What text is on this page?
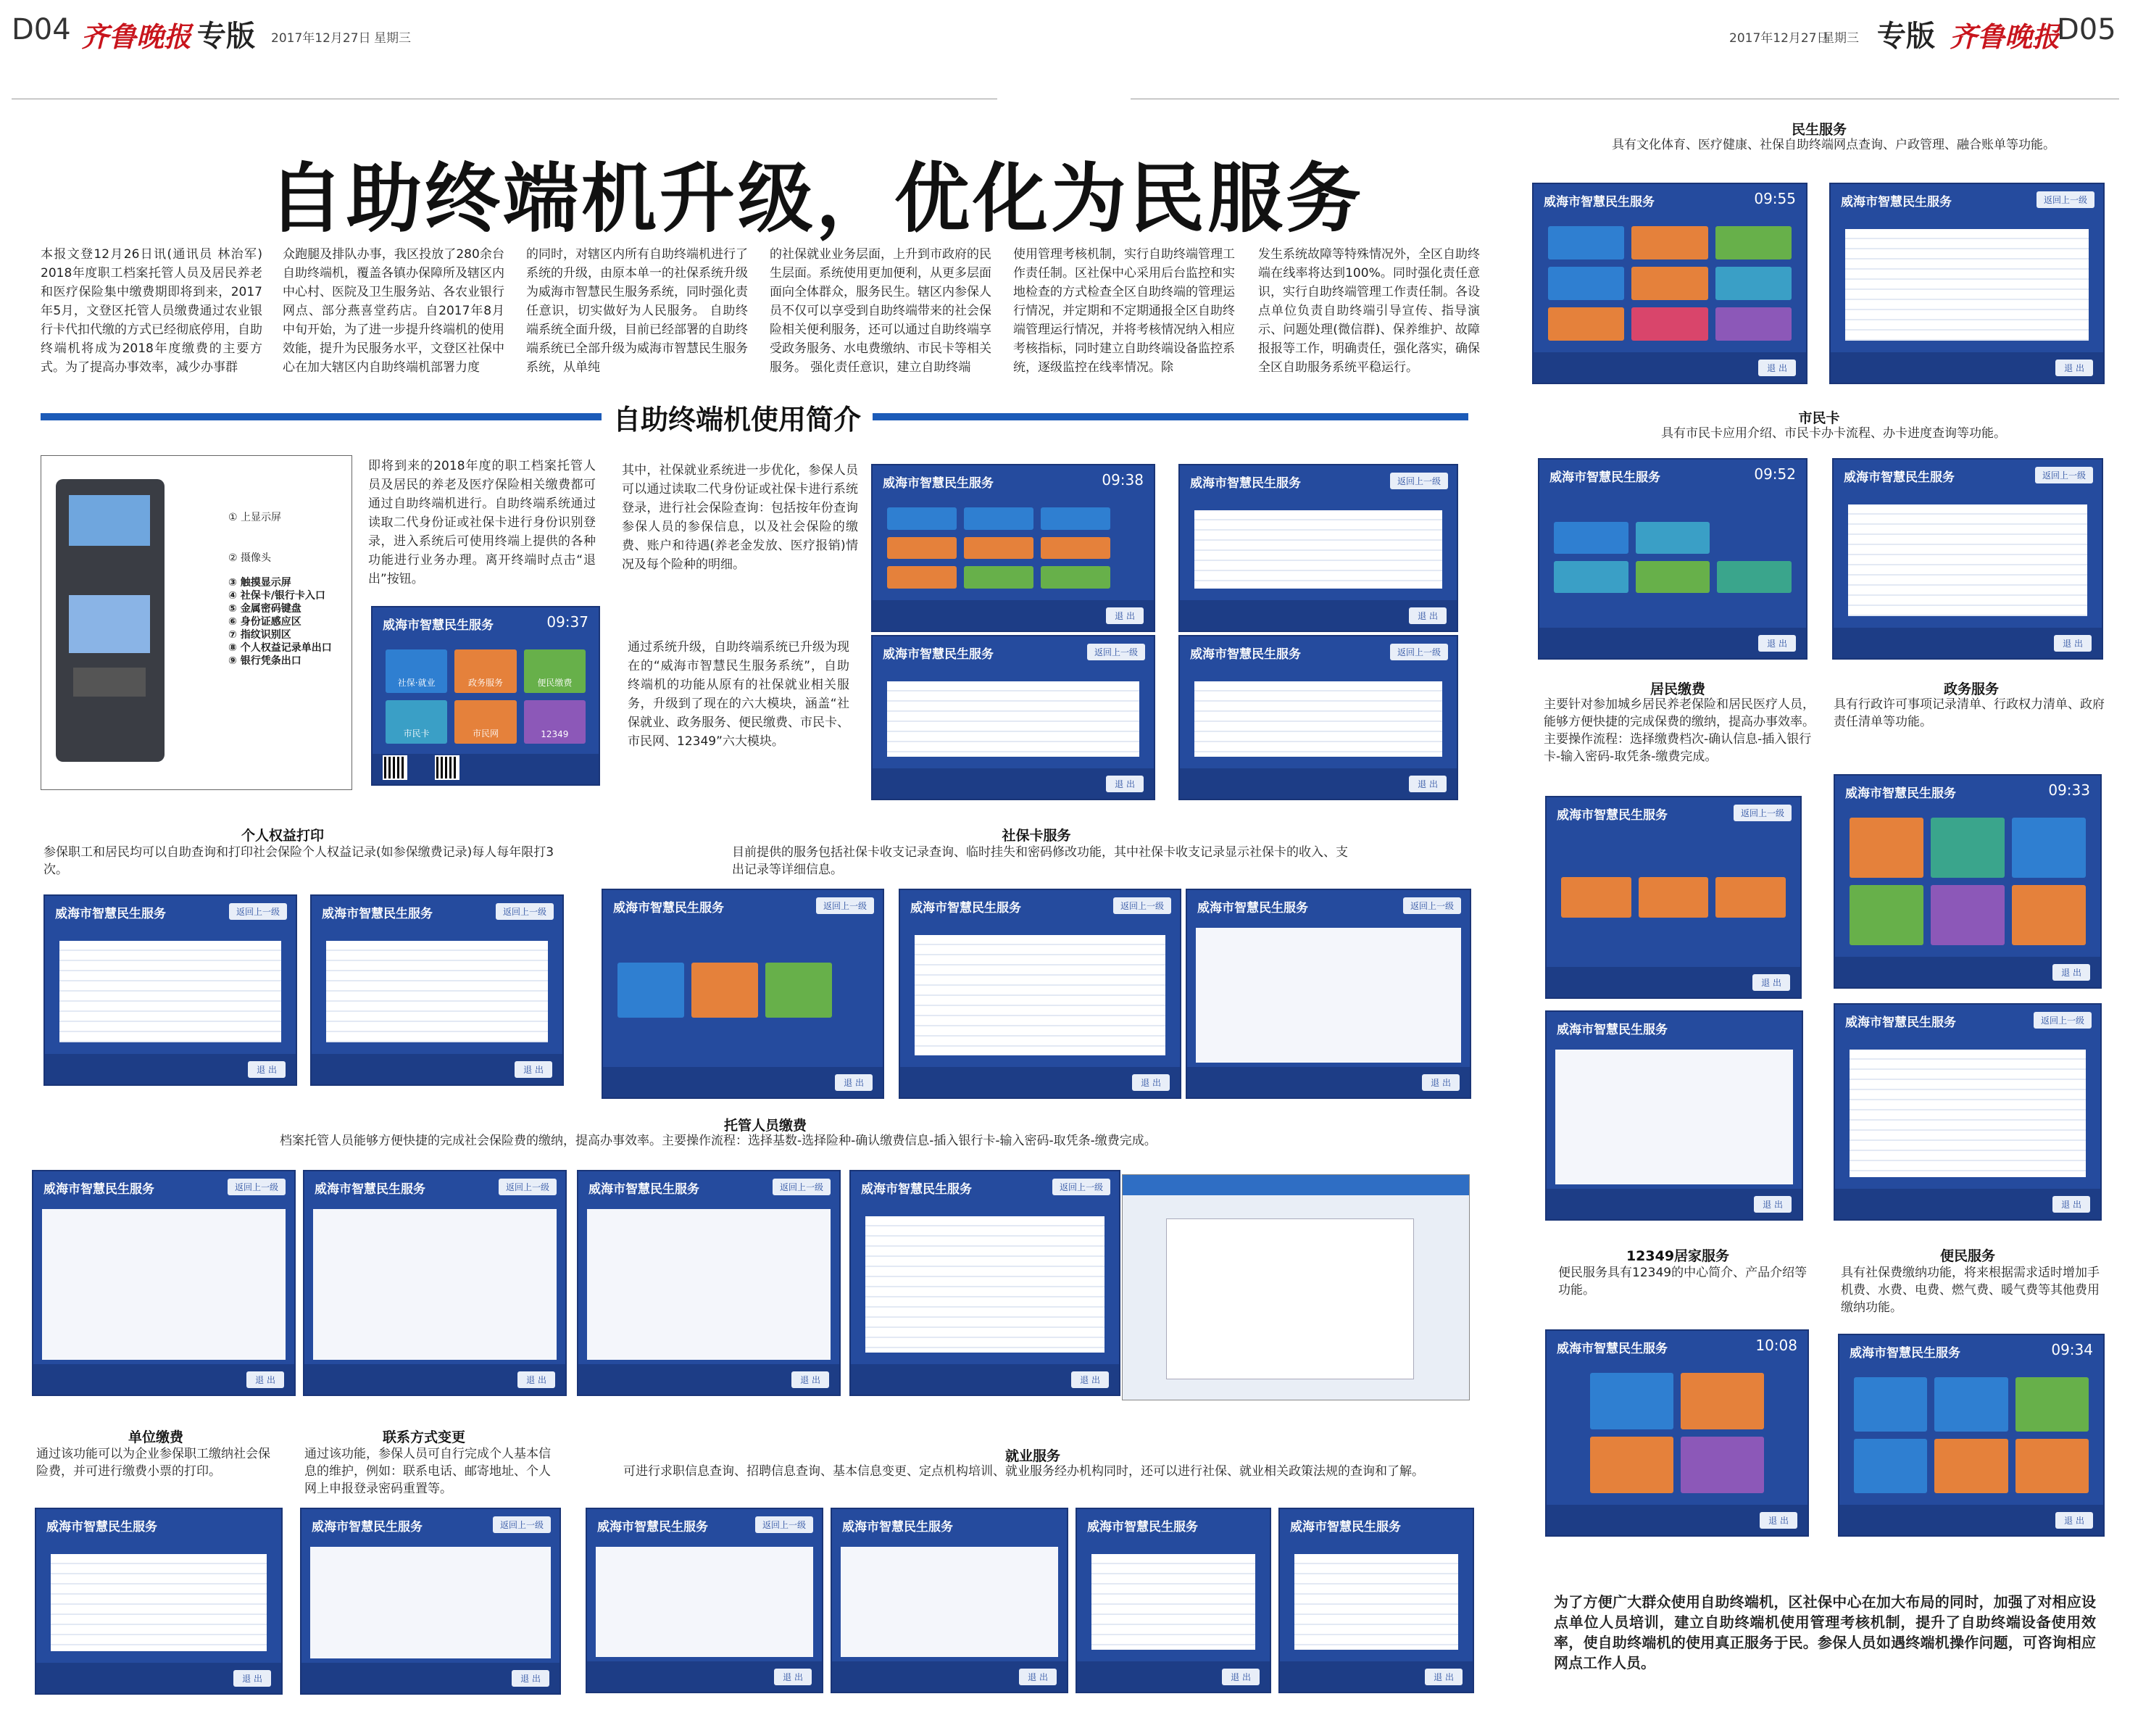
D04 齐鲁晚报 专版 2017年12月27日 星期三	2017年12月27日
星期三 专版 齐鲁晚报
D05
自助终端机升级，优化为民服务
本报文登12月26日讯(通讯员 林治军) 2018年度职工档案托管人员及居民养老和医疗保险集中缴费期即将到来，2017年5月，文登区托管人员缴费通过农业银行卡代扣代缴的方式已经彻底停用，自助终端机将成为2018年度缴费的主要方式。为了提高办事效率，减少办事群
众跑腿及排队办事，我区投放了280余台自助终端机，覆盖各镇办保障所及辖区内中心村、医院及卫生服务站、各农业银行网点、部分燕喜堂药店。自2017年8月中旬开始，为了进一步提升终端机的使用效能，提升为民服务水平，文登区社保中心在加大辖区内自助终端机部署力度
的同时，对辖区内所有自助终端机进行了系统的升级，由原本单一的社保系统升级为威海市智慧民生服务系统，同时强化责任意识，切实做好为人民服务。 自助终端系统全面升级，目前已经部署的自助终端系统已全部升级为威海市智慧民生服务系统，从单纯
的社保就业业务层面，上升到市政府的民生层面。系统使用更加便利，从更多层面面向全体群众，服务民生。辖区内参保人员不仅可以享受到自助终端带来的社会保险相关便利服务，还可以通过自助终端享受政务服务、水电费缴纳、市民卡等相关服务。 强化责任意识，建立自助终端
使用管理考核机制，实行自助终端管理工作责任制。区社保中心采用后台监控和实地检查的方式检查全区自助终端的管理运行情况，并定期和不定期通报全区自助终端管理运行情况，并将考核情况纳入相应考核指标，同时建立自助终端设备监控系统，逐级监控在线率情况。除
发生系统故障等特殊情况外，全区自助终端在线率将达到100%。同时强化责任意识，实行自助终端管理工作责任制。各设点单位负责自助终端引导宣传、指导演示、问题处理(微信群)、保养维护、故障报报等工作，明确责任，强化落实，确保全区自助服务系统平稳运行。
自助终端机使用简介
① 上显示屏
② 摄像头
③ 触摸显示屏
④ 社保卡/银行卡入口
⑤ 金属密码键盘
⑥ 身份证感应区
⑦ 指纹识别区
⑧ 个人权益记录单出口
⑨ 银行凭条出口
即将到来的2018年度的职工档案托管人员及居民的养老及医疗保险相关缴费都可通过自助终端机进行。自助终端系统通过读取二代身份证或社保卡进行身份识别登录，进入系统后可使用终端上提供的各种功能进行业务办理。离开终端时点击“退出”按钮。
其中，社保就业系统进一步优化，参保人员可以通过读取二代身份证或社保卡进行系统登录，进行社会保险查询：包括按年份查询参保人员的参保信息，以及社会保险的缴费、账户和待遇(养老金发放、医疗报销)情况及每个险种的明细。
通过系统升级，自助终端系统已升级为现在的“威海市智慧民生服务系统”，自助终端机的功能从原有的社保就业相关服务，升级到了现在的六大模块，涵盖“社保就业、政务服务、便民缴费、市民卡、市民网、12349”六大模块。
威海市智慧民生服务	09:37
社保·就业	政务服务	便民缴费
市民卡	市民网	12349
威海市智慧民生服务	09:38
退 出
威海市智慧民生服务	返回上一级
退 出
威海市智慧民生服务	返回上一级
退 出
威海市智慧民生服务	返回上一级
退 出
个人权益打印
参保职工和居民均可以自助查询和打印社会保险个人权益记录(如参保缴费记录)每人每年限打3次。
威海市智慧民生服务	返回上一级
退 出
威海市智慧民生服务	返回上一级
退 出
社保卡服务
目前提供的服务包括社保卡收支记录查询、临时挂失和密码修改功能，其中社保卡收支记录显示社保卡的收入、支出记录等详细信息。
威海市智慧民生服务	返回上一级
退 出
威海市智慧民生服务	返回上一级
退 出
威海市智慧民生服务	返回上一级
退 出
托管人员缴费
档案托管人员能够方便快捷的完成社会保险费的缴纳，提高办事效率。主要操作流程：选择基数-选择险种-确认缴费信息-插入银行卡-输入密码-取凭条-缴费完成。
威海市智慧民生服务	返回上一级
退 出
威海市智慧民生服务	返回上一级
退 出
威海市智慧民生服务	返回上一级
退 出
威海市智慧民生服务	返回上一级
退 出
单位缴费
通过该功能可以为企业参保职工缴纳社会保险费，并可进行缴费小票的打印。
威海市智慧民生服务
退 出
联系方式变更
通过该功能，参保人员可自行完成个人基本信息的维护，例如：联系电话、邮寄地址、个人网上申报登录密码重置等。
威海市智慧民生服务	返回上一级
退 出
就业服务
可进行求职信息查询、招聘信息查询、基本信息变更、定点机构培训、就业服务经办机构同时，还可以进行社保、就业相关政策法规的查询和了解。
威海市智慧民生服务	返回上一级
退 出
威海市智慧民生服务
退 出
威海市智慧民生服务
退 出
威海市智慧民生服务
退 出
民生服务
具有文化体育、医疗健康、社保自助终端网点查询、户政管理、融合账单等功能。
威海市智慧民生服务	09:55
退 出
威海市智慧民生服务	返回上一级
退 出
市民卡
具有市民卡应用介绍、市民卡办卡流程、办卡进度查询等功能。
威海市智慧民生服务	09:52
退 出
威海市智慧民生服务	返回上一级
退 出
居民缴费
主要针对参加城乡居民养老保险和居民医疗人员，能够方便快捷的完成保费的缴纳，提高办事效率。主要操作流程：选择缴费档次-确认信息-插入银行卡-输入密码-取凭条-缴费完成。
威海市智慧民生服务	返回上一级
退 出
威海市智慧民生服务
退 出
政务服务
具有行政许可事项记录清单、行政权力清单、政府责任清单等功能。
威海市智慧民生服务	09:33
退 出
威海市智慧民生服务	返回上一级
退 出
12349居家服务
便民服务具有12349的中心简介、产品介绍等功能。
威海市智慧民生服务	10:08
退 出
便民服务
具有社保费缴纳功能，将来根据需求适时增加手机费、水费、电费、燃气费、暖气费等其他费用缴纳功能。
威海市智慧民生服务	09:34
退 出
为了方便广大群众使用自助终端机，区社保中心在加大布局的同时，加强了对相应设点单位人员培训，建立自助终端机使用管理考核机制，提升了自助终端设备使用效率，使自助终端机的使用真正服务于民。参保人员如遇终端机操作问题，可咨询相应网点工作人员。
